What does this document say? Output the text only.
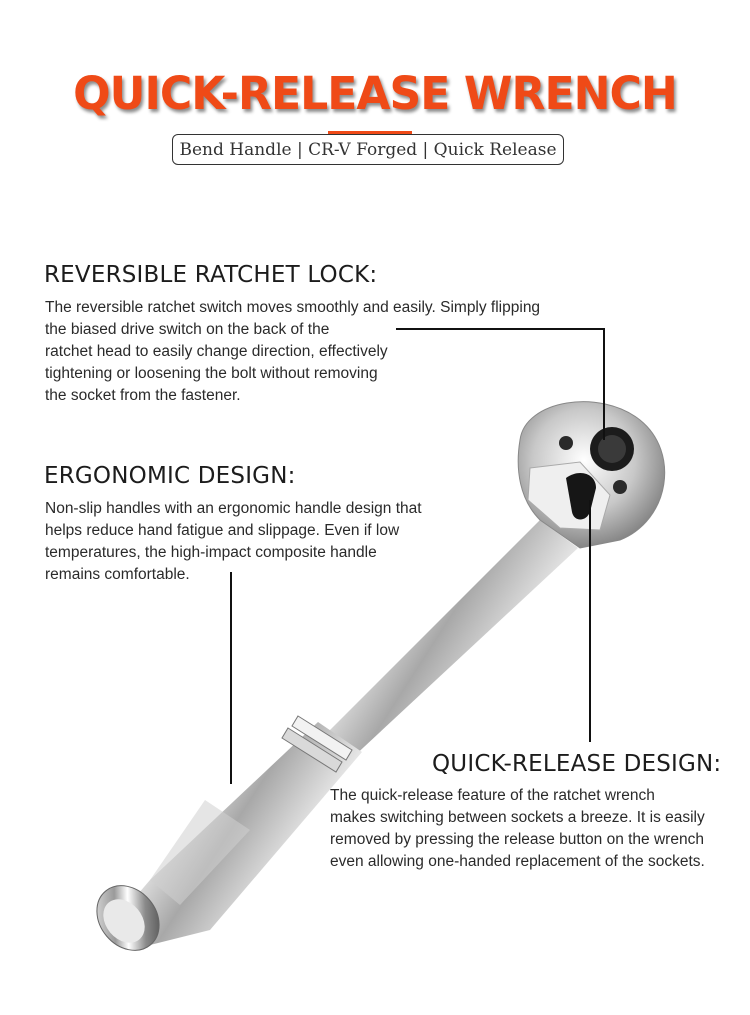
QUICK-RELEASE WRENCH
Bend Handle | CR-V Forged | Quick Release
REVERSIBLE RATCHET LOCK:
The reversible ratchet switch moves smoothly and easily. Simply flipping
the biased drive switch on the back of the
ratchet head to easily change direction, effectively
tightening or loosening the bolt without removing
the socket from the fastener.
ERGONOMIC DESIGN:
Non-slip handles with an ergonomic handle design that
helps reduce hand fatigue and slippage. Even if low
temperatures, the high-impact composite handle
remains comfortable.
QUICK-RELEASE DESIGN:
The quick-release feature of the ratchet wrench
makes switching between sockets a breeze. It is easily
removed by pressing the release button on the wrench
even allowing one-handed replacement of the sockets.
